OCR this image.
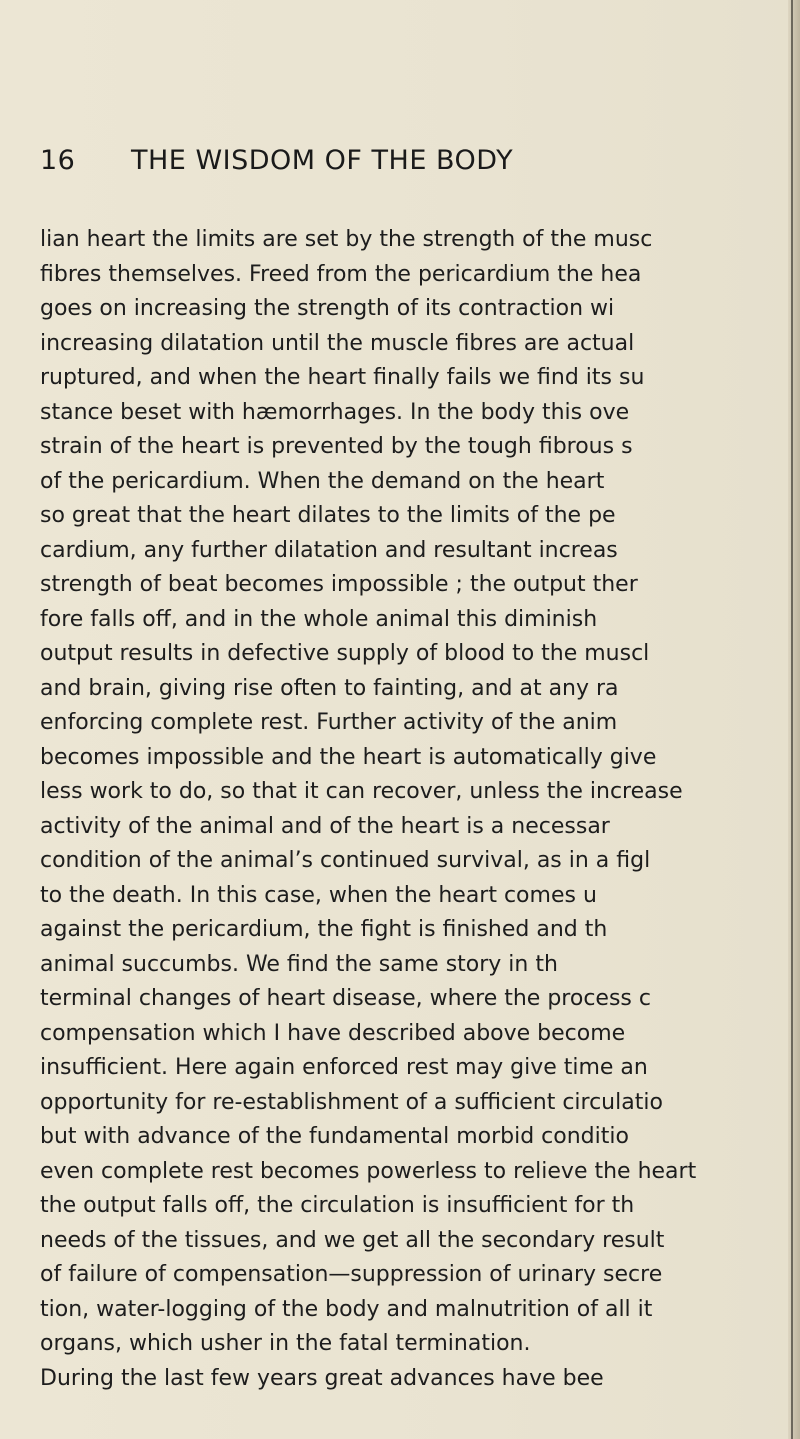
16 THE WISDOM OF THE BODY
lian heart the limits are set by the strength of the musc
fibres themselves. Freed from the pericardium the hea
goes on increasing the strength of its contraction wi
increasing dilatation until the muscle fibres are actual
ruptured, and when the heart finally fails we find its su
stance beset with hæmorrhages. In the body this ove
strain of the heart is prevented by the tough fibrous s
of the pericardium. When the demand on the heart
so great that the heart dilates to the limits of the pe
cardium, any further dilatation and resultant increas
strength of beat becomes impossible ; the output ther
fore falls off, and in the whole animal this diminish
output results in defective supply of blood to the muscl
and brain, giving rise often to fainting, and at any ra
enforcing complete rest. Further activity of the anim
becomes impossible and the heart is automatically give
less work to do, so that it can recover, unless the increase
activity of the animal and of the heart is a necessar
condition of the animal’s continued survival, as in a figl
to the death. In this case, when the heart comes u
against the pericardium, the fight is finished and th
animal succumbs. We find the same story in th
terminal changes of heart disease, where the process c
compensation which I have described above become
insufficient. Here again enforced rest may give time an
opportunity for re-establishment of a sufficient circulatio
but with advance of the fundamental morbid conditio
even complete rest becomes powerless to relieve the heart
the output falls off, the circulation is insufficient for th
needs of the tissues, and we get all the secondary result
of failure of compensation—suppression of urinary secre
tion, water-logging of the body and malnutrition of all it
organs, which usher in the fatal termination.
During the last few years great advances have bee
